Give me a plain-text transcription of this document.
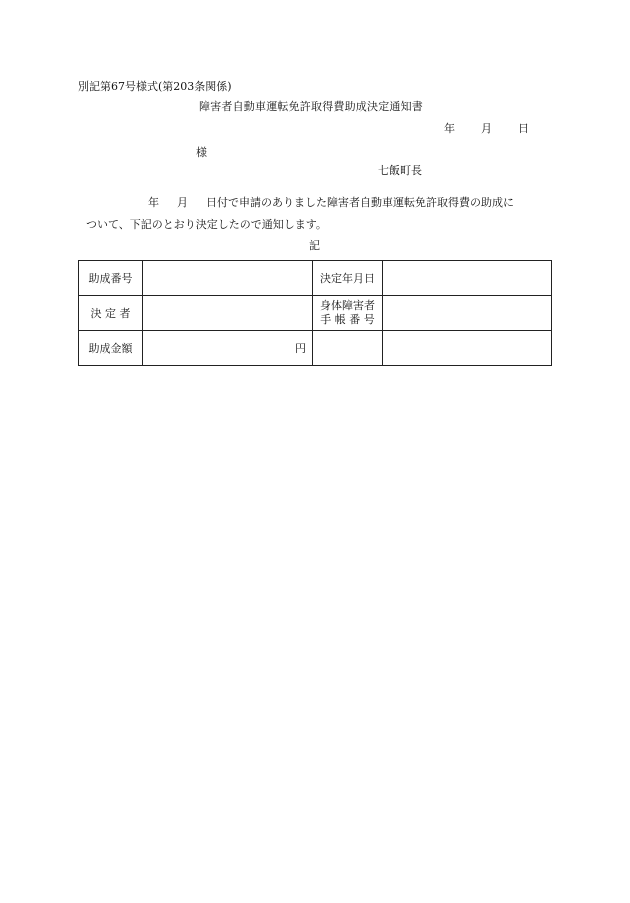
別記第67号様式(第203条関係)
障害者自動車運転免許取得費助成決定通知書
年 月 日
様
七飯町長
年 月 日付で申請のありました障害者自動車運転免許取得費の助成に
ついて、下記のとおり決定したので通知します。
記
助成番号		決定年月日	
決 定 者		身体障害者
手 帳 番 号	

助成金額	円		
